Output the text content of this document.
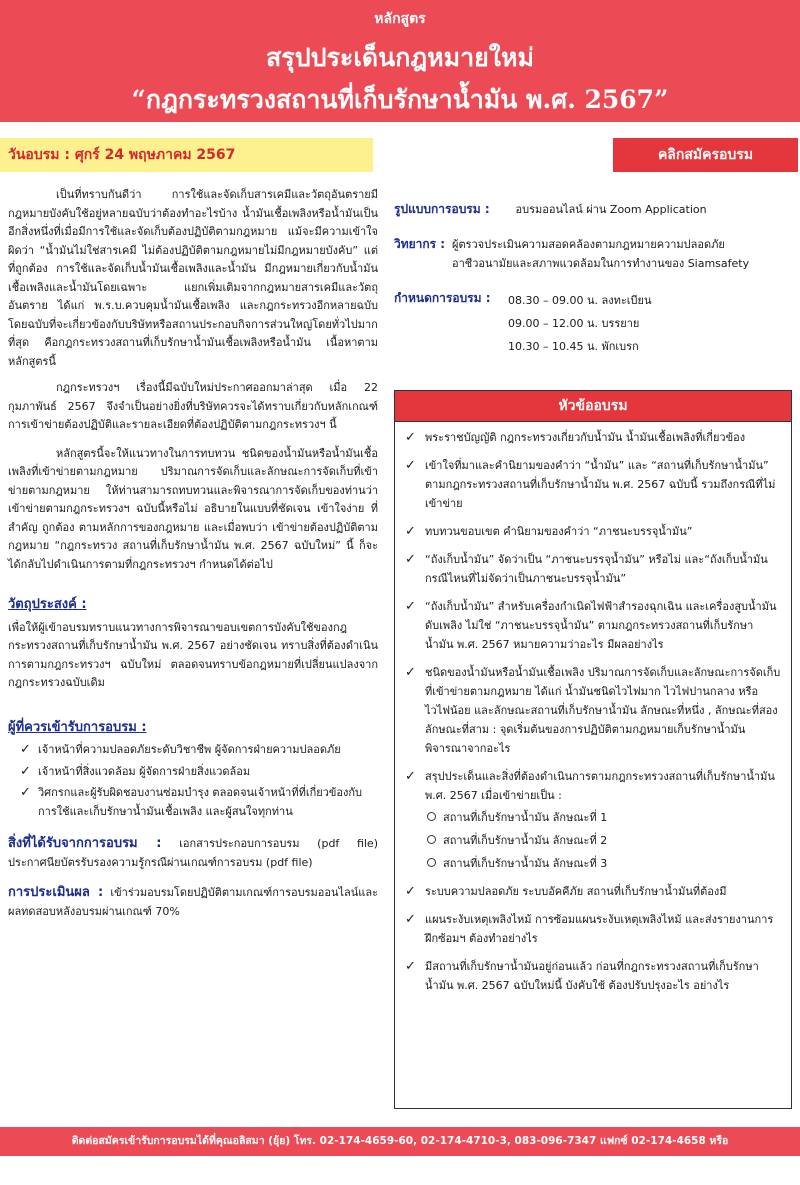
หลักสูตร
สรุปประเด็นกฎหมายใหม่
“กฎกระทรวงสถานที่เก็บรักษาน้ำมัน พ.ศ. 2567”
วันอบรม : ศุกร์ 24 พฤษภาคม 2567	คลิกสมัครอบรม

เป็นที่ทราบกันดีว่า การใช้และจัดเก็บสารเคมีและวัตถุอันตรายมีกฎหมายบังคับใช้อยู่หลายฉบับว่าต้องทำอะไรบ้าง น้ำมันเชื้อเพลิงหรือน้ำมันเป็นอีกสิ่งหนึ่งที่เมื่อมีการใช้และจัดเก็บต้องปฏิบัติตามกฎหมาย แม้จะมีความเข้าใจผิดว่า “น้ำมันไม่ใช่สารเคมี ไม่ต้องปฏิบัติตามกฎหมายไม่มีกฎหมายบังคับ” แต่ที่ถูกต้อง การใช้และจัดเก็บน้ำมันเชื้อเพลิงและน้ำมัน มีกฎหมายเกี่ยวกับน้ำมันเชื้อเพลิงและน้ำมันโดยเฉพาะ แยกเพิ่มเติมจากกฎหมายสารเคมีและวัตถุอันตราย ได้แก่ พ.ร.บ.ควบคุมน้ำมันเชื้อเพลิง และกฎกระทรวงอีกหลายฉบับ โดยฉบับที่จะเกี่ยวข้องกับบริษัทหรือสถานประกอบกิจการส่วนใหญ่โดยทั่วไปมากที่สุด คือกฎกระทรวงสถานที่เก็บรักษาน้ำมันเชื้อเพลิงหรือน้ำมัน เนื้อหาตามหลักสูตรนี้

กฎกระทรวงฯ เรื่องนี้มีฉบับใหม่ประกาศออกมาล่าสุด เมื่อ 22 กุมภาพันธ์ 2567 จึงจำเป็นอย่างยิ่งที่บริษัทควรจะได้ทราบเกี่ยวกับหลักเกณฑ์การเข้าข่ายต้องปฏิบัติและรายละเอียดที่ต้องปฏิบัติตามกฎกระทรวงฯ นี้

หลักสูตรนี้จะให้แนวทางในการทบทวน ชนิดของน้ำมันหรือน้ำมันเชื้อเพลิงที่เข้าข่ายตามกฎหมาย ปริมาณการจัดเก็บและลักษณะการจัดเก็บที่เข้าข่ายตามกฎหมาย ให้ท่านสามารถทบทวนและพิจารณาการจัดเก็บของท่านว่าเข้าข่ายตามกฎกระทรวงฯ ฉบับนี้หรือไม่ อธิบายในแบบที่ชัดเจน เข้าใจง่าย ที่สำคัญ ถูกต้อง ตามหลักการของกฎหมาย และเมื่อพบว่า เข้าข่ายต้องปฏิบัติตามกฎหมาย “กฎกระทรวง สถานที่เก็บรักษาน้ำมัน พ.ศ. 2567 ฉบับใหม่” นี้ ก็จะได้กลับไปดำเนินการตามที่กฎกระทรวงฯ กำหนดได้ต่อไป

วัตถุประสงค์ :

เพื่อให้ผู้เข้าอบรมทราบแนวทางการพิจารณาขอบเขตการบังคับใช้ของกฎกระทรวงสถานที่เก็บรักษาน้ำมัน พ.ศ. 2567 อย่างชัดเจน ทราบสิ่งที่ต้องดำเนินการตามกฎกระทรวงฯ ฉบับใหม่ ตลอดจนทราบข้อกฎหมายที่เปลี่ยนแปลงจากกฎกระทรวงฉบับเดิม

ผู้ที่ควรเข้ารับการอบรม :

✓ เจ้าหน้าที่ความปลอดภัยระดับวิชาชีพ ผู้จัดการฝ่ายความปลอดภัย
✓ เจ้าหน้าที่สิ่งแวดล้อม ผู้จัดการฝ่ายสิ่งแวดล้อม
✓ วิศกรกและผู้รับผิดชอบงานซ่อมบำรุง ตลอดจนเจ้าหน้าที่ที่เกี่ยวข้องกับการใช้และเก็บรักษาน้ำมันเชื้อเพลิง และผู้สนใจทุกท่าน

สิ่งที่ได้รับจากการอบรม : เอกสารประกอบการอบรม (pdf file) ประกาศนียบัตรรับรองความรู้กรณีผ่านเกณฑ์การอบรม (pdf file)

การประเมินผล : เข้าร่วมอบรมโดยปฏิบัติตามเกณฑ์การอบรมออนไลน์และผลทดสอบหลังอบรมผ่านเกณฑ์ 70%

รูปแบบการอบรม : อบรมออนไลน์ ผ่าน Zoom Application
วิทยากร : ผู้ตรวจประเมินความสอดคล้องตามกฎหมายความปลอดภัย
อาชีวอนามัยและสภาพแวดล้อมในการทำงานของ Siamsafety
กำหนดการอบรม :	08.30 – 09.00 น. ลงทะเบียน
09.00 – 12.00 น. บรรยาย
10.30 – 10.45 น. พักเบรก
หัวข้ออบรม
✓ พระราชบัญญัติ กฎกระทรวงเกี่ยวกับน้ำมัน น้ำมันเชื้อเพลิงที่เกี่ยวข้อง
✓ เข้าใจที่มาและคำนิยามของคำว่า “น้ำมัน” และ “สถานที่เก็บรักษาน้ำมัน” ตามกฎกระทรวงสถานที่เก็บรักษาน้ำมัน พ.ศ. 2567 ฉบับนี้ รวมถึงกรณีที่ไม่เข้าข่าย
✓ ทบทวนขอบเขต คำนิยามของคำว่า “ภาชนะบรรจุน้ำมัน”
✓ “ถังเก็บน้ำมัน” จัดว่าเป็น “ภาชนะบรรจุน้ำมัน” หรือไม่ และ“ถังเก็บน้ำมัน กรณีไหนที่ไม่จัดว่าเป็นภาชนะบรรจุน้ำมัน”
✓ “ถังเก็บน้ำมัน” สำหรับเครื่องกำเนิดไฟฟ้าสำรองฉุกเฉิน และเครื่องสูบน้ำมันดับเพลิง ไม่ใช่ “ภาชนะบรรจุน้ำมัน” ตามกฎกระทรวงสถานที่เก็บรักษาน้ำมัน พ.ศ. 2567 หมายความว่าอะไร มีผลอย่างไร
✓ ชนิดของน้ำมันหรือน้ำมันเชื้อเพลิง ปริมาณการจัดเก็บและลักษณะการจัดเก็บที่เข้าข่ายตามกฎหมาย ได้แก่ น้ำมันชนิดไวไฟมาก ไวไฟปานกลาง หรือไวไฟน้อย และลักษณะสถานที่เก็บรักษาน้ำมัน ลักษณะที่หนึ่ง , ลักษณะที่สอง ลักษณะที่สาม : จุดเริ่มต้นของการปฏิบัติตามกฎหมายเก็บรักษาน้ำมัน พิจารณาจากอะไร
✓ สรุปประเด็นและสิ่งที่ต้องดำเนินการตามกฎกระทรวงสถานที่เก็บรักษาน้ำมัน พ.ศ. 2567 เมื่อเข้าข่ายเป็น :
สถานที่เก็บรักษาน้ำมัน ลักษณะที่ 1
สถานที่เก็บรักษาน้ำมัน ลักษณะที่ 2
สถานที่เก็บรักษาน้ำมัน ลักษณะที่ 3
✓ ระบบความปลอดภัย ระบบอัคคีภัย สถานที่เก็บรักษาน้ำมันที่ต้องมี
✓ แผนระงับเหตุเพลิงไหม้ การซ้อมแผนระงับเหตุเพลิงไหม้ และส่งรายงานการฝึกซ้อมฯ ต้องทำอย่างไร
✓ มีสถานที่เก็บรักษาน้ำมันอยู่ก่อนแล้ว ก่อนที่กฎกระทรวงสถานที่เก็บรักษาน้ำมัน พ.ศ. 2567 ฉบับใหม่นี้ บังคับใช้ ต้องปรับปรุงอะไร อย่างไร
ติดต่อสมัครเข้ารับการอบรมได้ที่คุณอลิสมา (ยุ้ย) โทร. 02-174-4659-60, 02-174-4710-3, 083-096-7347 แฟกซ์ 02-174-4658 หรือ myadmin@siamsafety.com
